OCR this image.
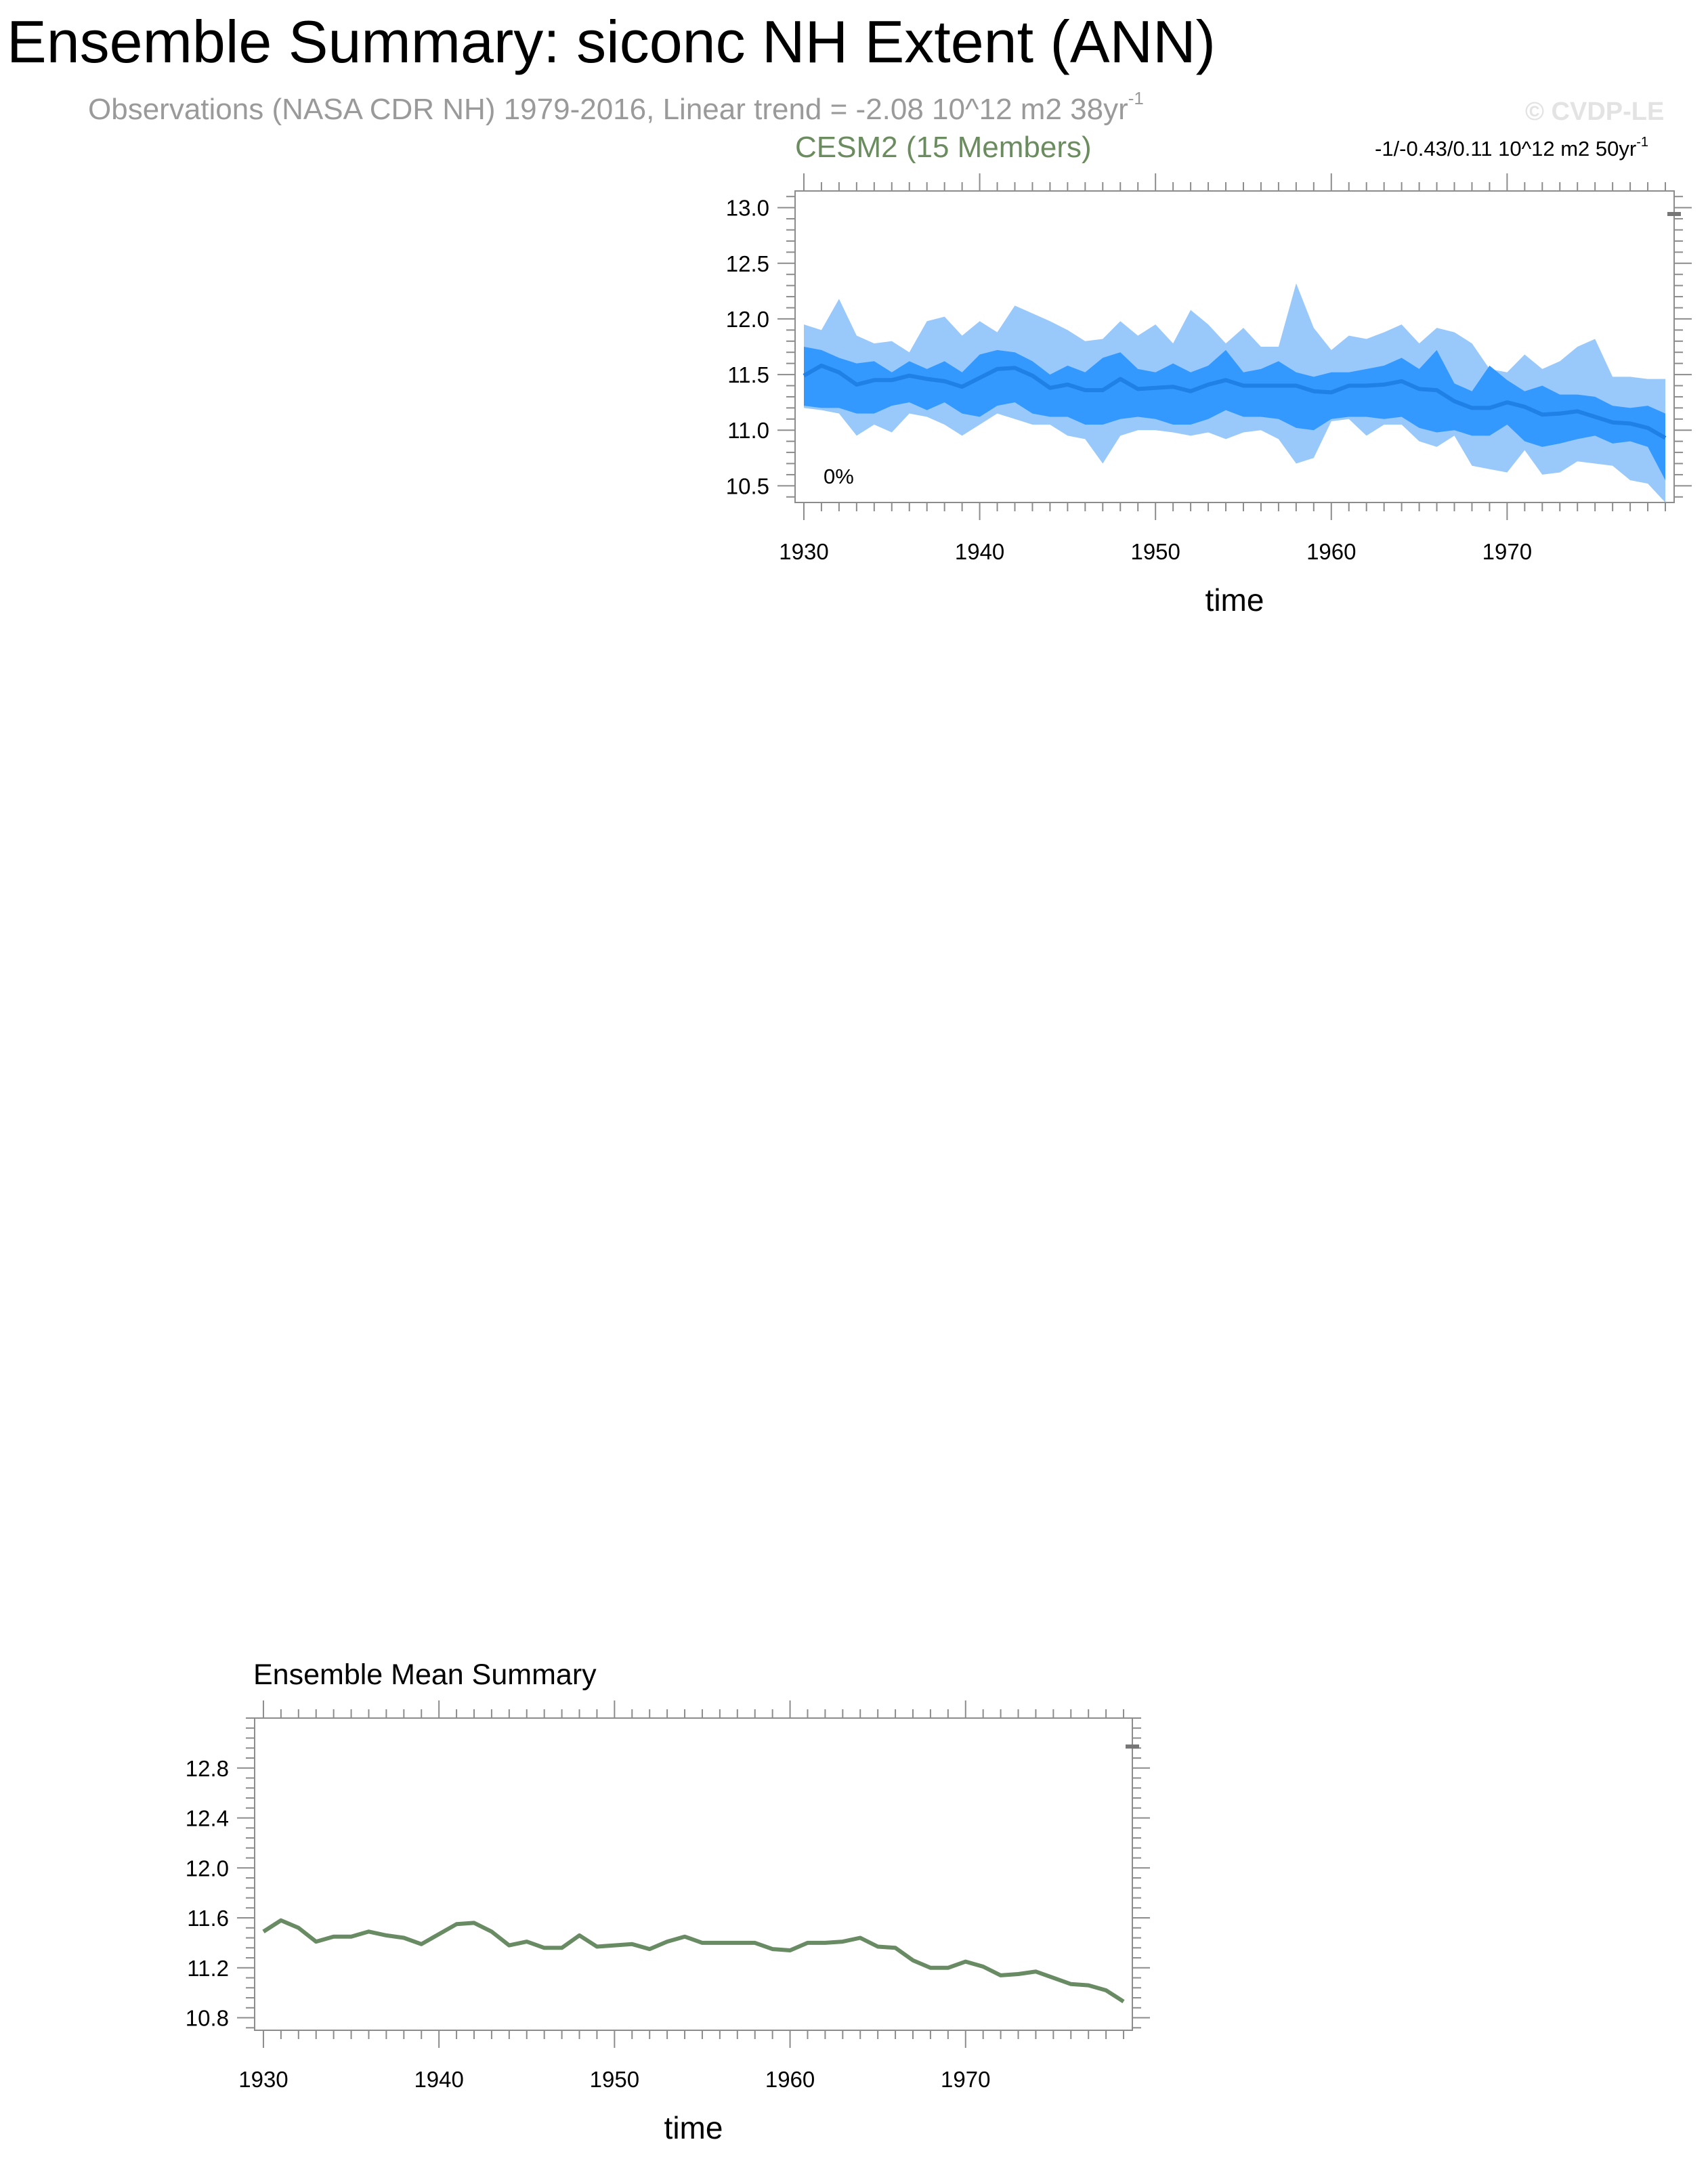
Ensemble Summary: siconc NH Extent (ANN)
Observations (NASA CDR NH) 1979-2016, Linear trend = -2.08 10^12 m2 $38yr^{-1}$	© CVDP-LE
CESM2 (15 Members)	-1/-0.43/0.11 10^12 m2 $50yr^{-1}$
Ensemble Mean Summary
1930	1940	1950	1960	1970
10.5
11.0
11.5
12.0
12.5
13.0
time
0%
1930	1940	1950	1960	1970
10.8
11.2
11.6
12.0
12.4
12.8
time
